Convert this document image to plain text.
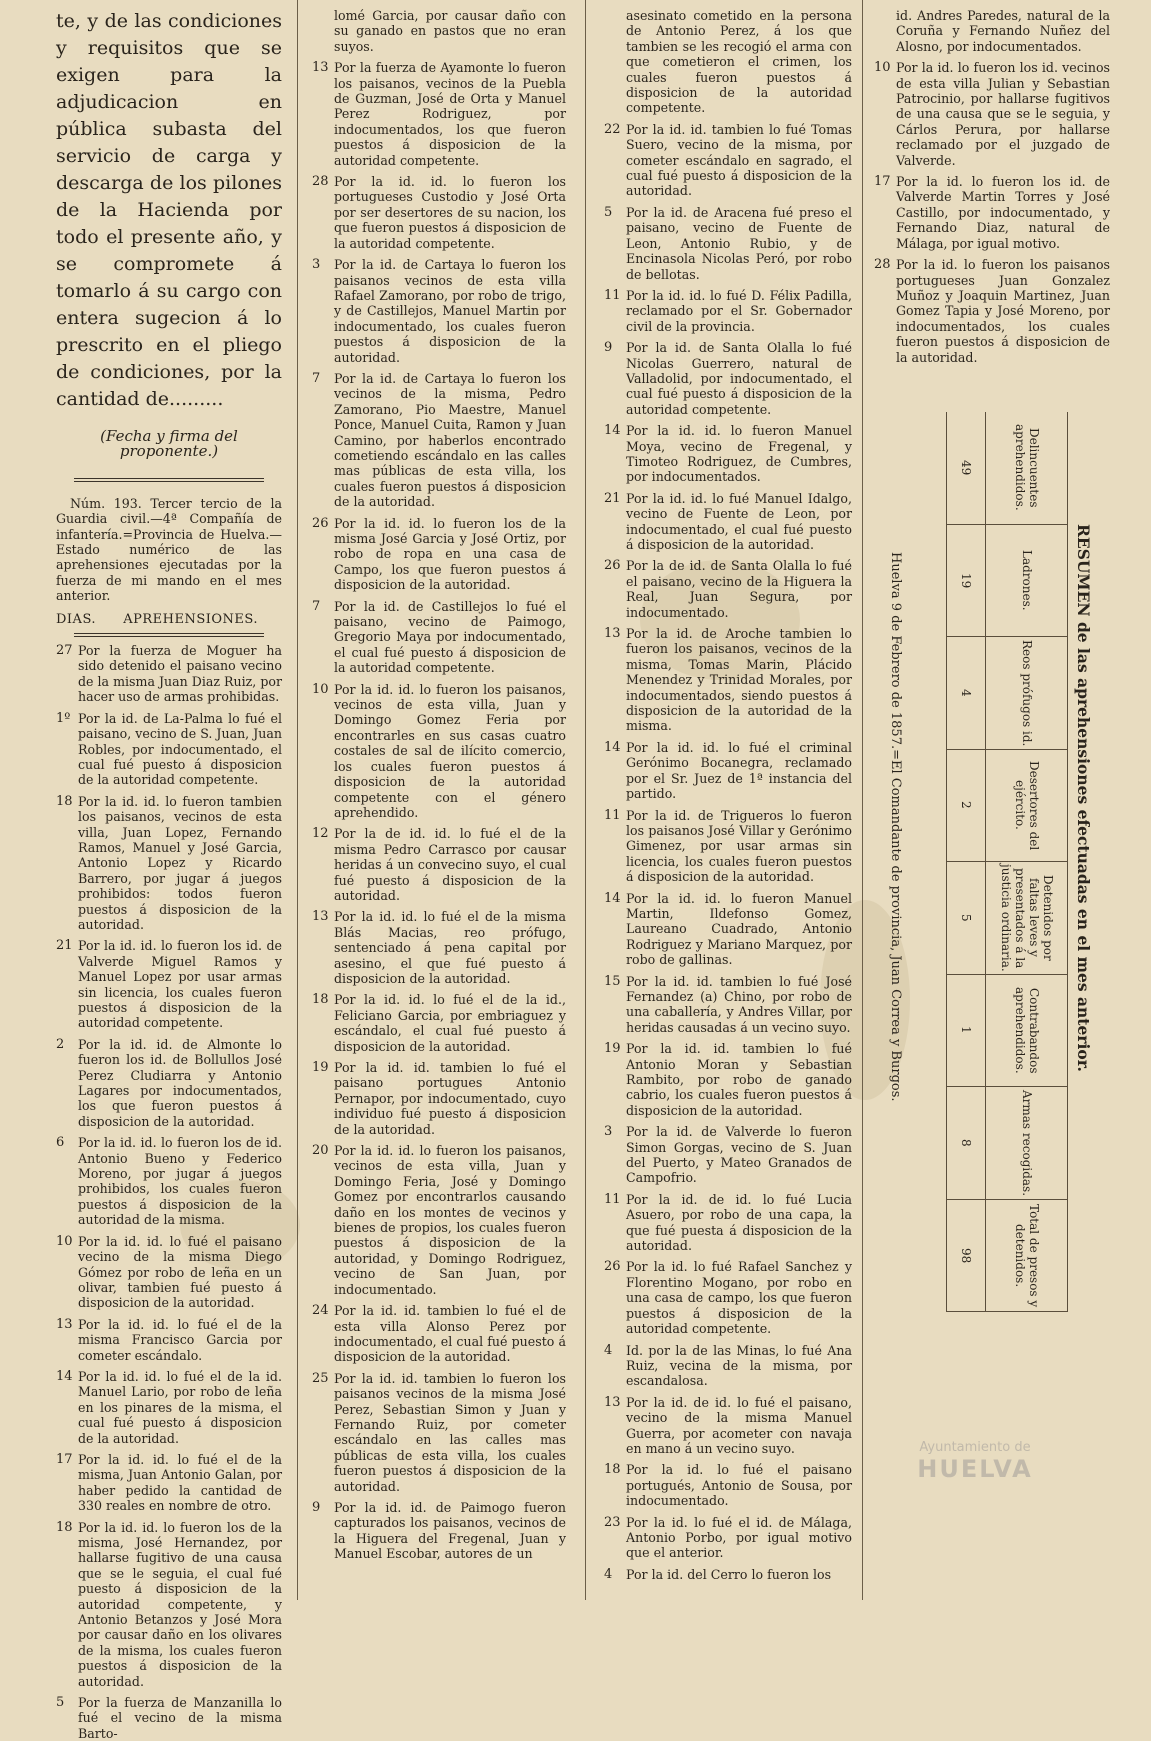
te, y de las condiciones y requisitos que se exigen para la adjudicacion en pública subasta del servicio de carga y descarga de los pilones de la Hacienda por todo el presente año, y se compromete á tomarlo á su cargo con entera sugecion á lo prescrito en el pliego de condiciones, por la cantidad de.........
(Fecha y firma del proponente.)
Núm. 193. Tercer tercio de la Guardia civil.—4ª Compañía de infantería.=Provincia de Huelva.—Estado numérico de las aprehensiones ejecutadas por la fuerza de mi mando en el mes anterior.
DIAS. APREHENSIONES.
27 Por la fuerza de Moguer ha sido detenido el paisano vecino de la misma Juan Diaz Ruiz, por hacer uso de armas prohibidas.
1º Por la id. de La-Palma lo fué el paisano, vecino de S. Juan, Juan Robles, por indocumentado, el cual fué puesto á disposicion de la autoridad competente.
18 Por la id. id. lo fueron tambien los paisanos, vecinos de esta villa, Juan Lopez, Fernando Ramos, Manuel y José Garcia, Antonio Lopez y Ricardo Barrero, por jugar á juegos prohibidos: todos fueron puestos á disposicion de la autoridad.
21 Por la id. id. lo fueron los id. de Valverde Miguel Ramos y Manuel Lopez por usar armas sin licencia, los cuales fueron puestos á disposicion de la autoridad competente.
2	Por la id. id. de Almonte lo fueron los id. de Bollullos José Perez Cludiarra y Antonio Lagares por indocumentados, los que fueron puestos á disposicion de la autoridad.
6	Por la id. id. lo fueron los de id. Antonio Bueno y Federico Moreno, por jugar á juegos prohibidos, los cuales fueron puestos á disposicion de la autoridad de la misma.
10 Por la id. id. lo fué el paisano vecino de la misma Diego Gómez por robo de leña en un olivar, tambien fué puesto á disposicion de la autoridad.
13 Por la id. id. lo fué el de la misma Francisco Garcia por cometer escándalo.
14 Por la id. id. lo fué el de la id. Manuel Lario, por robo de leña en los pinares de la misma, el cual fué puesto á disposicion de la autoridad.
17 Por la id. id. lo fué el de la misma, Juan Antonio Galan, por haber pedido la cantidad de 330 reales en nombre de otro.
18 Por la id. id. lo fueron los de la misma, José Hernandez, por hallarse fugitivo de una causa que se le seguia, el cual fué puesto á disposicion de la autoridad competente, y Antonio Betanzos y José Mora por causar daño en los olivares de la misma, los cuales fueron puestos á disposicion de la autoridad.
5	Por la fuerza de Manzanilla lo fué el vecino de la misma Barto-
lomé Garcia, por causar daño con su ganado en pastos que no eran suyos.
13 Por la fuerza de Ayamonte lo fueron los paisanos, vecinos de la Puebla de Guzman, José de Orta y Manuel Perez Rodriguez, por indocumentados, los que fueron puestos á disposicion de la autoridad competente.
28 Por la id. id. lo fueron los portugueses Custodio y José Orta por ser desertores de su nacion, los que fueron puestos á disposicion de la autoridad competente.
3	Por la id. de Cartaya lo fueron los paisanos vecinos de esta villa Rafael Zamorano, por robo de trigo, y de Castillejos, Manuel Martin por indocumentado, los cuales fueron puestos á disposicion de la autoridad.
7	Por la id. de Cartaya lo fueron los vecinos de la misma, Pedro Zamorano, Pio Maestre, Manuel Ponce, Manuel Cuita, Ramon y Juan Camino, por haberlos encontrado cometiendo escándalo en las calles mas públicas de esta villa, los cuales fueron puestos á disposicion de la autoridad.
26 Por la id. id. lo fueron los de la misma José Garcia y José Ortiz, por robo de ropa en una casa de Campo, los que fueron puestos á disposicion de la autoridad.
7	Por la id. de Castillejos lo fué el paisano, vecino de Paimogo, Gregorio Maya por indocumentado, el cual fué puesto á disposicion de la autoridad competente.
10 Por la id. id. lo fueron los paisanos, vecinos de esta villa, Juan y Domingo Gomez Feria por encontrarles en sus casas cuatro costales de sal de ilícito comercio, los cuales fueron puestos á disposicion de la autoridad competente con el género aprehendido.
12 Por la de id. id. lo fué el de la misma Pedro Carrasco por causar heridas á un convecino suyo, el cual fué puesto á disposicion de la autoridad.
13 Por la id. id. lo fué el de la misma Blás Macias, reo prófugo, sentenciado á pena capital por asesino, el que fué puesto á disposicion de la autoridad.
18 Por la id. id. lo fué el de la id., Feliciano Garcia, por embriaguez y escándalo, el cual fué puesto á disposicion de la autoridad.
19 Por la id. id. tambien lo fué el paisano portugues Antonio Pernapor, por indocumentado, cuyo individuo fué puesto á disposicion de la autoridad.
20 Por la id. id. lo fueron los paisanos, vecinos de esta villa, Juan y Domingo Feria, José y Domingo Gomez por encontrarlos causando daño en los montes de vecinos y bienes de propios, los cuales fueron puestos á disposicion de la autoridad, y Domingo Rodriguez, vecino de San Juan, por indocumentado.
24 Por la id. id. tambien lo fué el de esta villa Alonso Perez por indocumentado, el cual fué puesto á disposicion de la autoridad.
25 Por la id. id. tambien lo fueron los paisanos vecinos de la misma José Perez, Sebastian Simon y Juan y Fernando Ruiz, por cometer escándalo en las calles mas públicas de esta villa, los cuales fueron puestos á disposicion de la autoridad.
9	Por la id. id. de Paimogo fueron capturados los paisanos, vecinos de la Higuera del Fregenal, Juan y Manuel Escobar, autores de un
asesinato cometido en la persona de Antonio Perez, á los que tambien se les recogió el arma con que cometieron el crimen, los cuales fueron puestos á disposicion de la autoridad competente.
22 Por la id. id. tambien lo fué Tomas Suero, vecino de la misma, por cometer escándalo en sagrado, el cual fué puesto á disposicion de la autoridad.
5	Por la id. de Aracena fué preso el paisano, vecino de Fuente de Leon, Antonio Rubio, y de Encinasola Nicolas Peró, por robo de bellotas.
11 Por la id. id. lo fué D. Félix Padilla, reclamado por el Sr. Gobernador civil de la provincia.
9	Por la id. de Santa Olalla lo fué Nicolas Guerrero, natural de Valladolid, por indocumentado, el cual fué puesto á disposicion de la autoridad competente.
14 Por la id. id. lo fueron Manuel Moya, vecino de Fregenal, y Timoteo Rodriguez, de Cumbres, por indocumentados.
21 Por la id. id. lo fué Manuel Idalgo, vecino de Fuente de Leon, por indocumentado, el cual fué puesto á disposicion de la autoridad.
26 Por la de id. de Santa Olalla lo fué el paisano, vecino de la Higuera la Real, Juan Segura, por indocumentado.
13 Por la id. de Aroche tambien lo fueron los paisanos, vecinos de la misma, Tomas Marin, Plácido Menendez y Trinidad Morales, por indocumentados, siendo puestos á disposicion de la autoridad de la misma.
14 Por la id. id. lo fué el criminal Gerónimo Bocanegra, reclamado por el Sr. Juez de 1ª instancia del partido.
11 Por la id. de Trigueros lo fueron los paisanos José Villar y Gerónimo Gimenez, por usar armas sin licencia, los cuales fueron puestos á disposicion de la autoridad.
14 Por la id. id. lo fueron Manuel Martin, Ildefonso Gomez, Laureano Cuadrado, Antonio Rodriguez y Mariano Marquez, por robo de gallinas.
15 Por la id. id. tambien lo fué José Fernandez (a) Chino, por robo de una caballería, y Andres Villar, por heridas causadas á un vecino suyo.
19 Por la id. id. tambien lo fué Antonio Moran y Sebastian Rambito, por robo de ganado cabrio, los cuales fueron puestos á disposicion de la autoridad.
3	Por la id. de Valverde lo fueron Simon Gorgas, vecino de S. Juan del Puerto, y Mateo Granados de Campofrio.
11 Por la id. de id. lo fué Lucia Asuero, por robo de una capa, la que fué puesta á disposicion de la autoridad.
26 Por la id. lo fué Rafael Sanchez y Florentino Mogano, por robo en una casa de campo, los que fueron puestos á disposicion de la autoridad competente.
4	Id. por la de las Minas, lo fué Ana Ruiz, vecina de la misma, por escandalosa.
13 Por la id. de id. lo fué el paisano, vecino de la misma Manuel Guerra, por acometer con navaja en mano á un vecino suyo.
18 Por la id. lo fué el paisano portugués, Antonio de Sousa, por indocumentado.
23 Por la id. lo fué el id. de Málaga, Antonio Porbo, por igual motivo que el anterior.
4	Por la id. del Cerro lo fueron los
id. Andres Paredes, natural de la Coruña y Fernando Nuñez del Alosno, por indocumentados.
10 Por la id. lo fueron los id. vecinos de esta villa Julian y Sebastian Patrocinio, por hallarse fugitivos de una causa que se le seguia, y Cárlos Perura, por hallarse reclamado por el juzgado de Valverde.
17 Por la id. lo fueron los id. de Valverde Martin Torres y José Castillo, por indocumentado, y Fernando Diaz, natural de Málaga, por igual motivo.
28 Por la id. lo fueron los paisanos portugueses Juan Gonzalez Muñoz y Joaquin Martinez, Juan Gomez Tapia y José Moreno, por indocumentados, los cuales fueron puestos á disposicion de la autoridad.
Huelva 9 de Febrero de 1857.=El Comandante de provincia, Juan Correa y Burgos.
49	Delincuentes aprehendidos.
19	Ladrones.
4	Reos prófugos id.
2	Desertores del ejército.
5	Detenidos por faltas leves y presentados á la justicia ordinaria.
1	Contrabandos aprehendidos.
8	Armas recogidas.
98	Total de presos y detenidos.
RESUMEN de las aprehensiones efectuadas en el mes anterior.
Ayuntamiento de
HUELVA
